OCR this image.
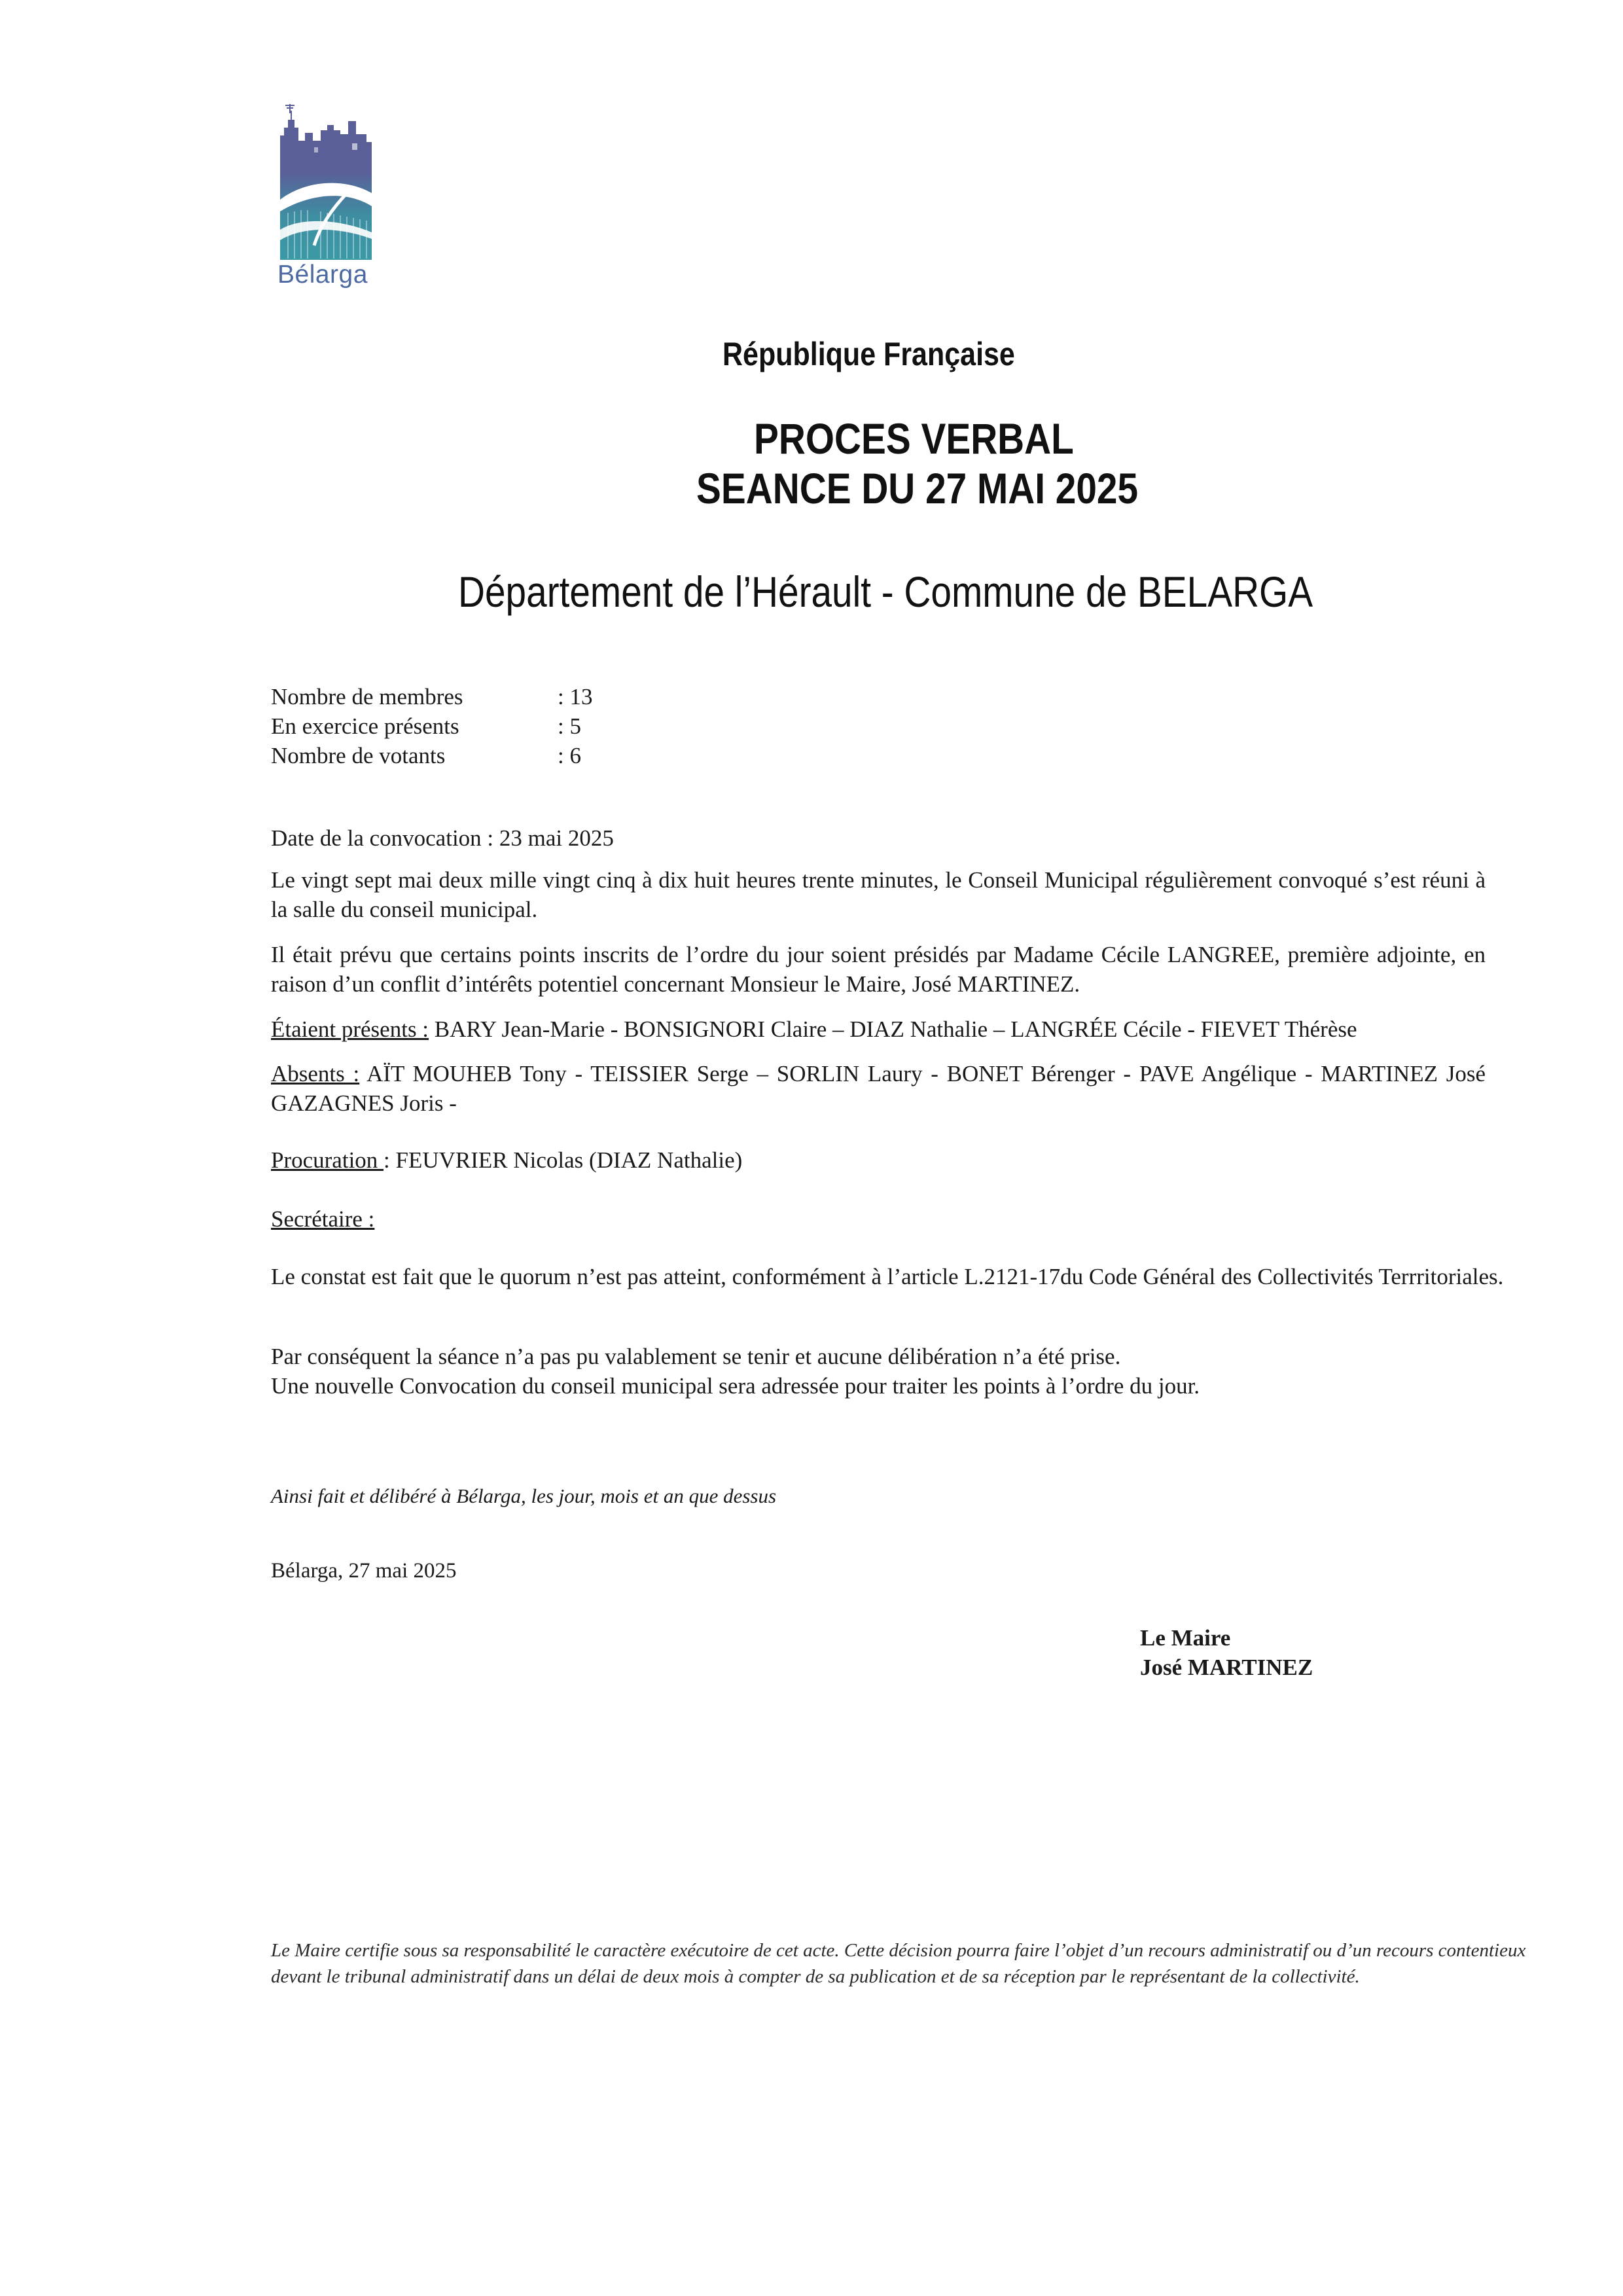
Bélarga
République Française
PROCES VERBAL
SEANCE DU 27 MAI 2025
Département de l’Hérault - Commune de BELARGA
Nombre de membres	: 13
En exercice présents	: 5
Nombre de votants	: 6
Date de la convocation : 23 mai 2025
Le vingt sept mai deux mille vingt cinq à dix huit heures trente minutes, le Conseil Municipal régulièrement convoqué s’est réuni à la salle du conseil municipal.
Il était prévu que certains points inscrits de l’ordre du jour soient présidés par Madame Cécile LANGREE, première adjointe, en raison d’un conflit d’intérêts potentiel concernant Monsieur le Maire, José MARTINEZ.
Étaient présents : BARY Jean-Marie - BONSIGNORI Claire – DIAZ Nathalie – LANGRÉE Cécile - FIEVET Thérèse
Absents : AÏT MOUHEB Tony - TEISSIER Serge – SORLIN Laury - BONET Bérenger - PAVE Angélique - MARTINEZ José GAZAGNES Joris -
Procuration : FEUVRIER Nicolas (DIAZ Nathalie)
Secrétaire :
Le constat est fait que le quorum n’est pas atteint, conformément à l’article L.2121-17du Code Général des Collectivités Terrritoriales.
Par conséquent la séance n’a pas pu valablement se tenir et aucune délibération n’a été prise.
Une nouvelle Convocation du conseil municipal sera adressée pour traiter les points à l’ordre du jour.
Ainsi fait et délibéré à Bélarga, les jour, mois et an que dessus
Bélarga, 27 mai 2025
Le Maire
José MARTINEZ
Le Maire certifie sous sa responsabilité le caractère exécutoire de cet acte. Cette décision pourra faire l’objet d’un recours administratif ou d’un recours contentieux devant le tribunal administratif dans un délai de deux mois à compter de sa publication et de sa réception par le représentant de la collectivité.
